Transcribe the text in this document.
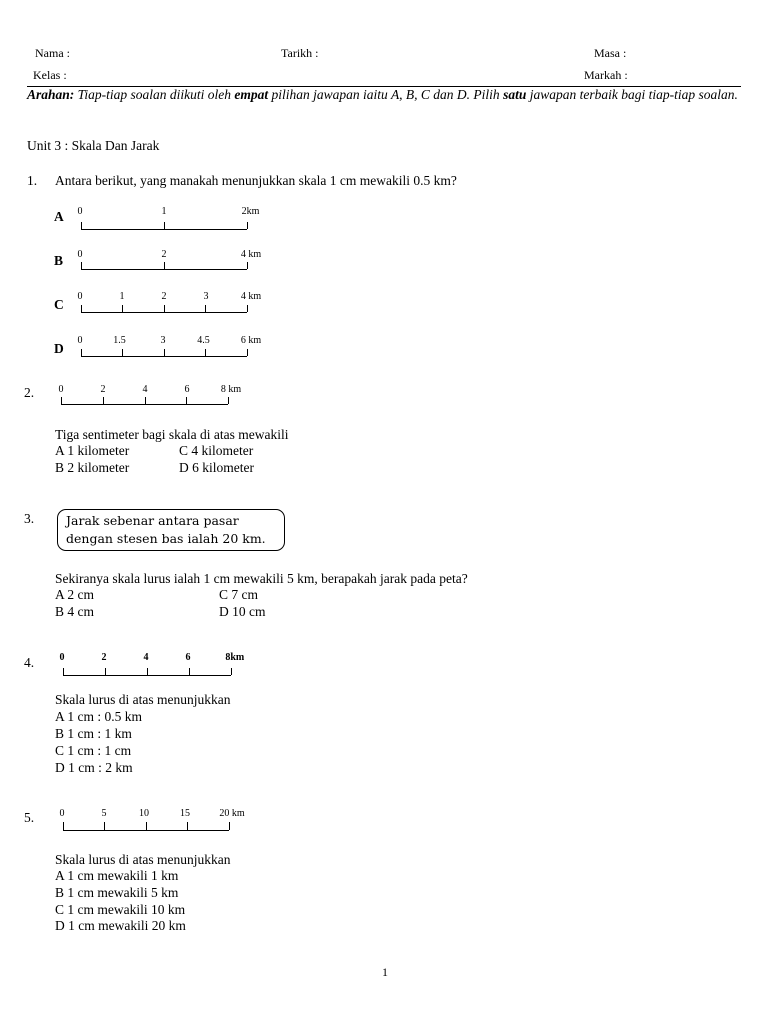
Nama :	Tarikh :	Masa :
Kelas :	Markah :
Arahan: Tiap-tiap soalan diikuti oleh empat pilihan jawapan iaitu A, B, C dan D. Pilih satu jawapan terbaik bagi tiap-tiap soalan.
Unit 3 : Skala Dan Jarak
1. Antara berikut, yang manakah menunjukkan skala 1 cm mewakili 0.5 km?
A 0	1	2km
B 0	2	4 km
C
0	1	2	3	4 km
D
0	1.5	3	4.5	6 km
2. 0	2	4	6	8 km
Tiga sentimeter bagi skala di atas mewakili
A 1 kilometer	C 4 kilometer
B 2 kilometer	D 6 kilometer
3.	Jarak sebenar antara pasar dengan stesen bas ialah 20 km.
Sekiranya skala lurus ialah 1 cm mewakili 5 km, berapakah jarak pada peta?
A 2 cm	C 7 cm
B 4 cm	D 10 cm
4.	0	2	4	6	8km
Skala lurus di atas menunjukkan
A 1 cm : 0.5 km
B 1 cm : 1 km
C 1 cm : 1 cm
D 1 cm : 2 km
5.	0	5	10	15	20 km
Skala lurus di atas menunjukkan
A 1 cm mewakili 1 km
B 1 cm mewakili 5 km
C 1 cm mewakili 10 km
D 1 cm mewakili 20 km
1
